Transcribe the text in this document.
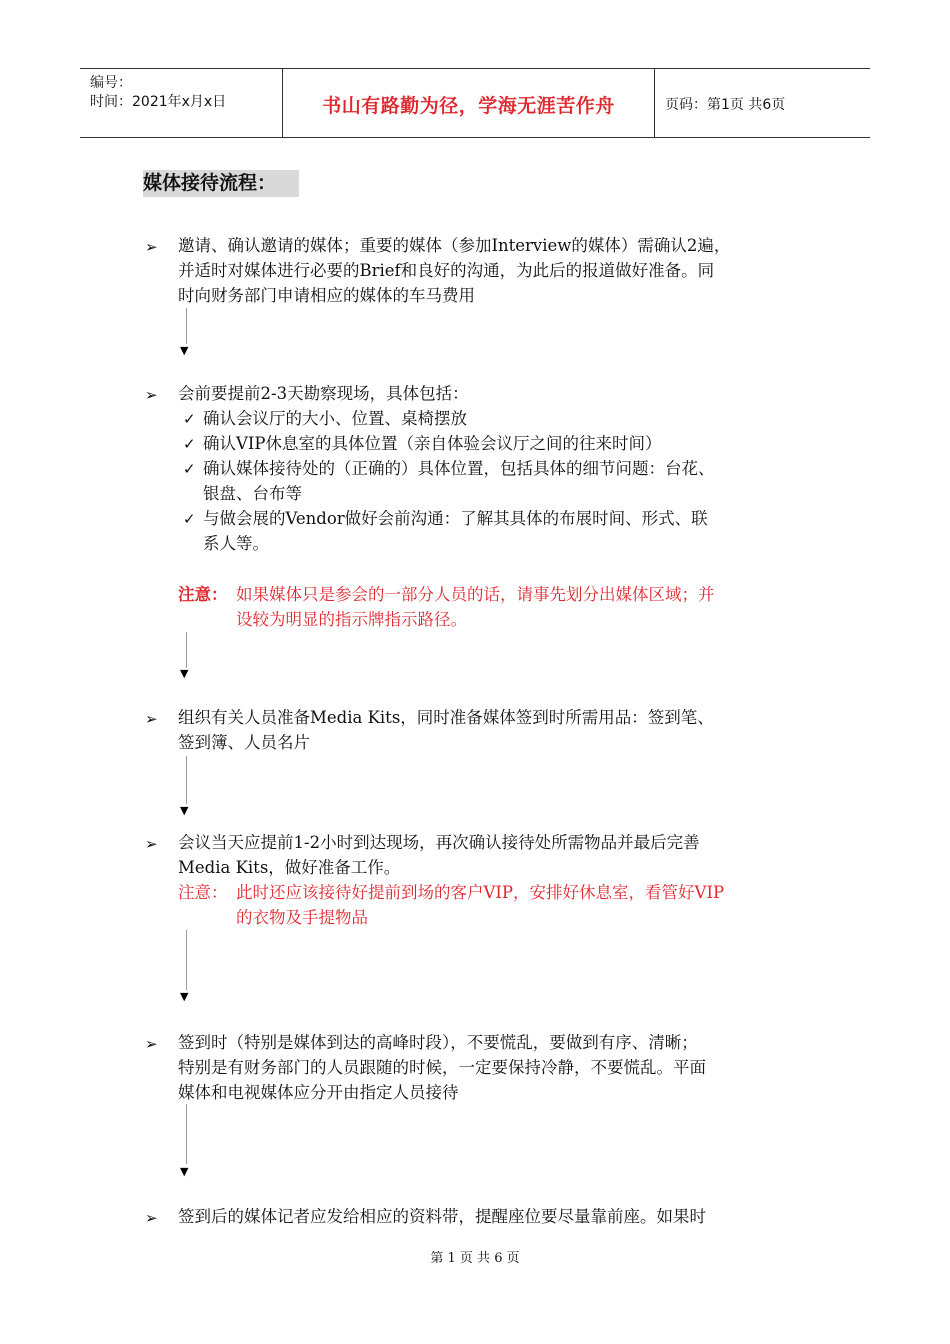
编号：
时间：2021年x月x日	书山有路勤为径，学海无涯苦作舟	页码：第1页 共6页
媒体接待流程：
➢ 邀请、确认邀请的媒体；重要的媒体（参加Interview的媒体）需确认2遍，
并适时对媒体进行必要的Brief和良好的沟通，为此后的报道做好准备。同
时向财务部门申请相应的媒体的车马费用
▼
➢ 会前要提前2-3天勘察现场，具体包括：
✓ 确认会议厅的大小、位置、桌椅摆放
✓ 确认VIP休息室的具体位置（亲自体验会议厅之间的往来时间）
✓ 确认媒体接待处的（正确的）具体位置，包括具体的细节问题：台花、
银盘、台布等
✓ 与做会展的Vendor做好会前沟通：了解其具体的布展时间、形式、联
系人等。
注意： 如果媒体只是参会的一部分人员的话，请事先划分出媒体区域；并
设较为明显的指示牌指示路径。
▼
➢ 组织有关人员准备Media Kits，同时准备媒体签到时所需用品：签到笔、
签到簿、人员名片
▼
➢ 会议当天应提前1-2小时到达现场，再次确认接待处所需物品并最后完善
Media Kits，做好准备工作。
注意： 此时还应该接待好提前到场的客户VIP，安排好休息室，看管好VIP
的衣物及手提物品
▼
➢ 签到时（特别是媒体到达的高峰时段），不要慌乱，要做到有序、清晰；
特别是有财务部门的人员跟随的时候，一定要保持冷静，不要慌乱。平面
媒体和电视媒体应分开由指定人员接待
▼
➢ 签到后的媒体记者应发给相应的资料带，提醒座位要尽量靠前座。如果时
第 1 页 共 6 页
